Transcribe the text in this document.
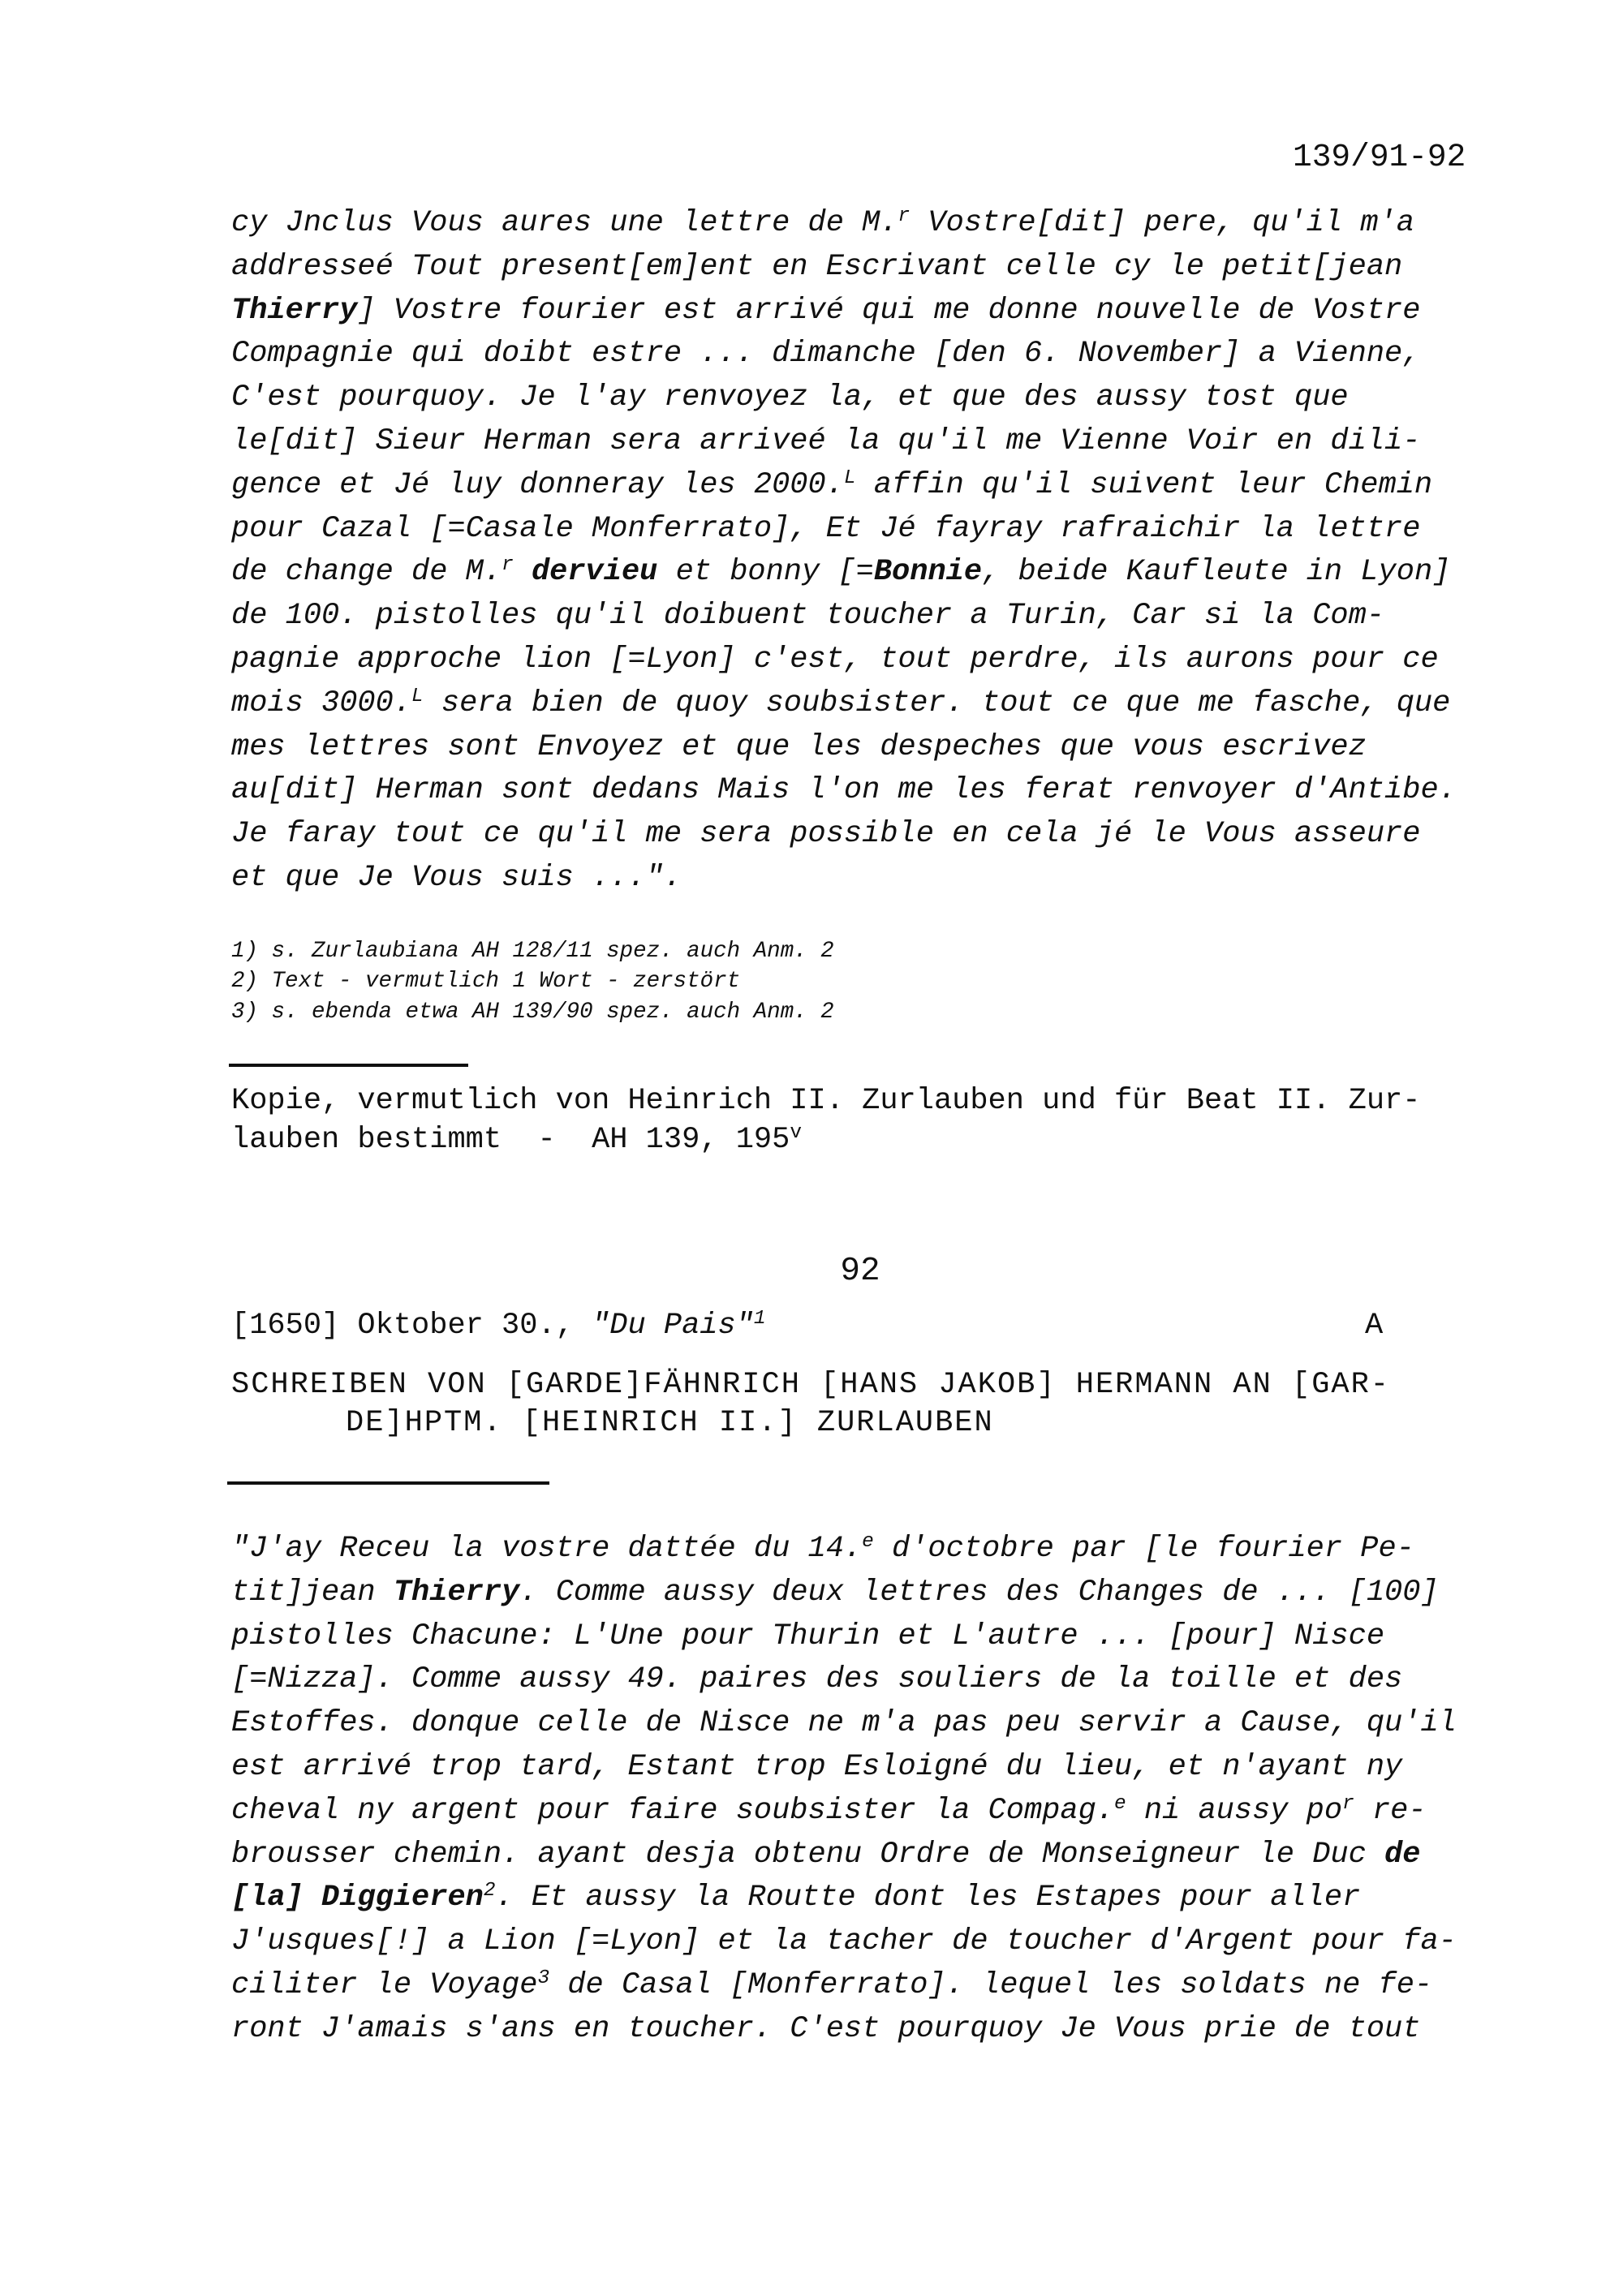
139/91-92
cy Jnclus Vous aures une lettre de M.$^r$ Vostre[dit] pere, qu'il m'a
addresseé Tout present[em]ent en Escrivant celle cy le petit[jean
Thierry] Vostre fourier est arrivé qui me donne nouvelle de Vostre
Compagnie qui doibt estre ... dimanche [den 6. November] a Vienne,
C'est pourquoy. Je l'ay renvoyez la, et que des aussy tost que
le[dit] Sieur Herman sera arriveé la qu'il me Vienne Voir en dili-
gence et Jé luy donneray les 2000.$^L$ affin qu'il suivent leur Chemin
pour Cazal [=Casale Monferrato], Et Jé fayray rafraichir la lettre
de change de M.$^r$ dervieu et bonny [=Bonnie, beide Kaufleute in Lyon]
de 100. pistolles qu'il doibuent toucher a Turin, Car si la Com-
pagnie approche lion [=Lyon] c'est, tout perdre, ils aurons pour ce
mois 3000.$^L$ sera bien de quoy soubsister. tout ce que me fasche, que
mes lettres sont Envoyez et que les despeches que vous escrivez
au[dit] Herman sont dedans Mais l'on me les ferat renvoyer d'Antibe.
Je faray tout ce qu'il me sera possible en cela jé le Vous asseure
et que Je Vous suis ...".
1) s. Zurlaubiana AH 128/11 spez. auch Anm. 2
2) Text - vermutlich 1 Wort - zerstört
3) s. ebenda etwa AH 139/90 spez. auch Anm. 2
Kopie, vermutlich von Heinrich II. Zurlauben und für Beat II. Zur-
lauben bestimmt  -  AH 139, 195$^v$
92
[1650] Oktober 30., "Du Pais"$^1$	A
SCHREIBEN VON [GARDE]FÄHNRICH [HANS JAKOB] HERMANN AN [GAR-
DE]HPTM. [HEINRICH II.] ZURLAUBEN
"J'ay Receu la vostre dattée du 14.$^e$ d'octobre par [le fourier Pe-
tit]jean Thierry. Comme aussy deux lettres des Changes de ... [100]
pistolles Chacune: L'Une pour Thurin et L'autre ... [pour] Nisce
[=Nizza]. Comme aussy 49. paires des souliers de la toille et des
Estoffes. donque celle de Nisce ne m'a pas peu servir a Cause, qu'il
est arrivé trop tard, Estant trop Esloigné du lieu, et n'ayant ny
cheval ny argent pour faire soubsister la Compag.$^e$ ni aussy $po^r$ re-
brousser chemin. ayant desja obtenu Ordre de Monseigneur le Duc de
[la] Diggieren$^2$. Et aussy la Routte dont les Estapes pour aller
J'usques[!] a Lion [=Lyon] et la tacher de toucher d'Argent pour fa-
ciliter le Voyage$^3$ de Casal [Monferrato]. lequel les soldats ne fe-
ront J'amais s'ans en toucher. C'est pourquoy Je Vous prie de tout
